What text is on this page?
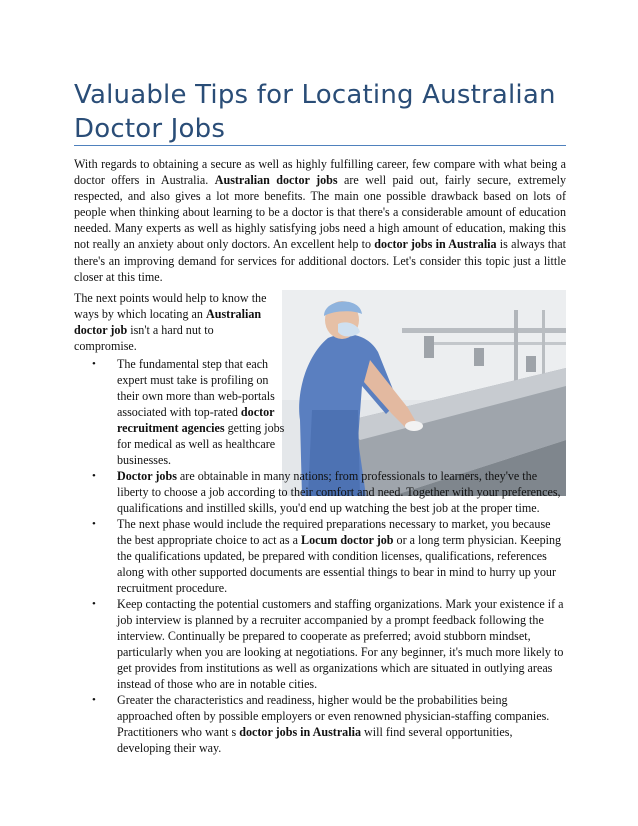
Valuable Tips for Locating Australian Doctor Jobs

With regards to obtaining a secure as well as highly fulfilling career, few compare with what being a doctor offers in Australia. Australian doctor jobs are well paid out, fairly secure, extremely respected, and also gives a lot more benefits. The main one possible drawback based on lots of people when thinking about learning to be a doctor is that there's a considerable amount of education needed. Many experts as well as highly satisfying jobs need a high amount of education, making this not really an anxiety about only doctors. An excellent help to doctor jobs in Australia is always that there's an improving demand for services for additional doctors. Let's consider this topic just a little closer at this time.

The next points would help to know the ways by which locating an Australian doctor job isn't a hard nut to compromise.

• The fundamental step that each expert must take is profiling on their own more than web-portals associated with top-rated doctor recruitment agencies getting jobs for medical as well as healthcare businesses.
• Doctor jobs are obtainable in many nations; from professionals to learners, they've the liberty to choose a job according to their comfort and need. Together with your preferences, qualifications and instilled skills, you'd end up watching the best job at the proper time.
• The next phase would include the required preparations necessary to market, you because the best appropriate choice to act as a Locum doctor job or a long term physician. Keeping the qualifications updated, be prepared with condition licenses, qualifications, references along with other supported documents are essential things to bear in mind to hurry up your recruitment procedure.
• Keep contacting the potential customers and staffing organizations. Mark your existence if a job interview is planned by a recruiter accompanied by a prompt feedback following the interview. Continually be prepared to cooperate as preferred; avoid stubborn mindset, particularly when you are looking at negotiations. For any beginner, it's much more likely to get provides from institutions as well as organizations which are situated in outlying areas instead of those who are in notable cities.
• Greater the characteristics and readiness, higher would be the probabilities being approached often by possible employers or even renowned physician-staffing companies. Practitioners who want s doctor jobs in Australia will find several opportunities, developing their way.
